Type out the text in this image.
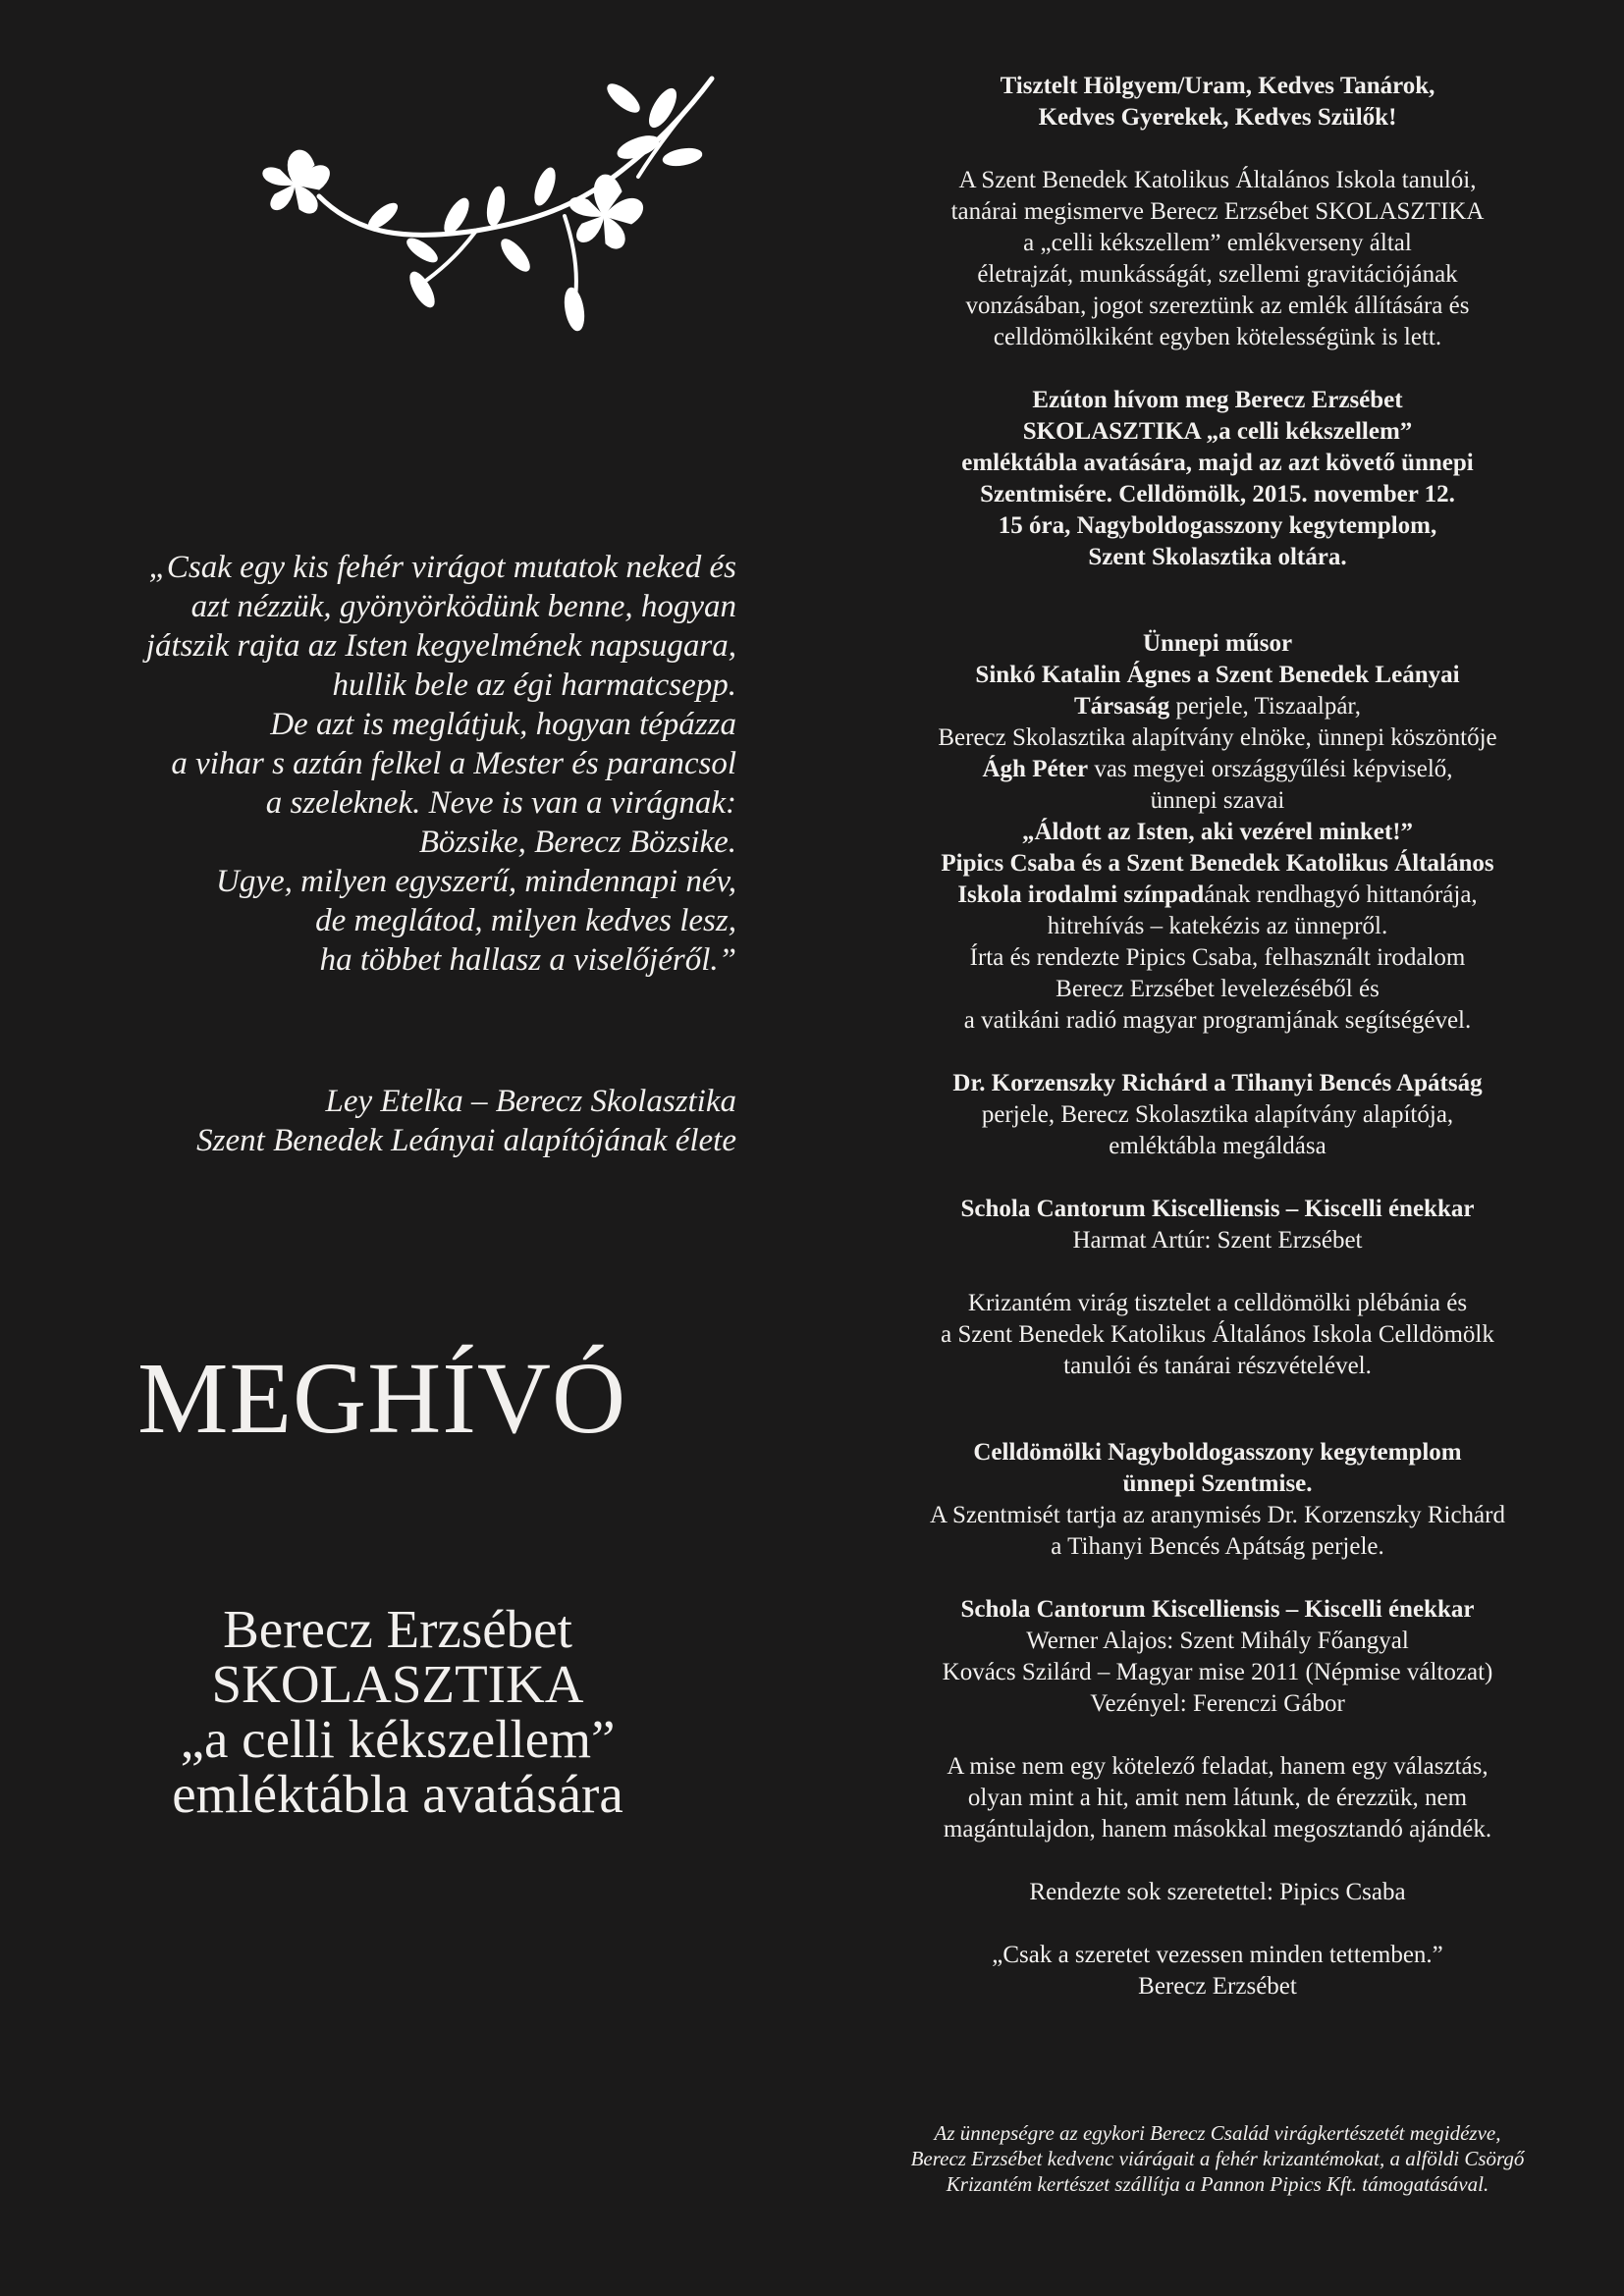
„Csak egy kis fehér virágot mutatok neked és
azt nézzük, gyönyörködünk benne, hogyan
játszik rajta az Isten kegyelmének napsugara,
hullik bele az égi harmatcsepp.
De azt is meglátjuk, hogyan tépázza
a vihar s aztán felkel a Mester és parancsol
a szeleknek. Neve is van a virágnak:
Bözsike, Berecz Bözsike.
Ugye, milyen egyszerű, mindennapi név,
de meglátod, milyen kedves lesz,
ha többet hallasz a viselőjéről.”
Ley Etelka – Berecz Skolasztika
Szent Benedek Leányai alapítójának élete
MEGHÍVÓ
Berecz Erzsébet
SKOLASZTIKA
„a celli kékszellem”
emléktábla avatására
Tisztelt Hölgyem/Uram, Kedves Tanárok,
Kedves Gyerekek, Kedves Szülők!
A Szent Benedek Katolikus Általános Iskola tanulói,
tanárai megismerve Berecz Erzsébet SKOLASZTIKA
a „celli kékszellem” emlékverseny által
életrajzát, munkásságát, szellemi gravitációjának
vonzásában, jogot szereztünk az emlék állítására és
celldömölkiként egyben kötelességünk is lett.
Ezúton hívom meg Berecz Erzsébet
SKOLASZTIKA „a celli kékszellem”
emléktábla avatására, majd az azt követő ünnepi
Szentmisére. Celldömölk, 2015. november 12.
15 óra, Nagyboldogasszony kegytemplom,
Szent Skolasztika oltára.
Ünnepi műsor
Sinkó Katalin Ágnes a Szent Benedek Leányai
Társaság perjele, Tiszaalpár,
Berecz Skolasztika alapítvány elnöke, ünnepi köszöntője
Ágh Péter vas megyei országgyűlési képviselő,
ünnepi szavai
„Áldott az Isten, aki vezérel minket!”
Pipics Csaba és a Szent Benedek Katolikus Általános
Iskola irodalmi színpadának rendhagyó hittanórája,
hitrehívás – katekézis az ünnepről.
Írta és rendezte Pipics Csaba, felhasznált irodalom
Berecz Erzsébet levelezéséből és
a vatikáni radió magyar programjának segítségével.
Dr. Korzenszky Richárd a Tihanyi Bencés Apátság
perjele, Berecz Skolasztika alapítvány alapítója,
emléktábla megáldása
Schola Cantorum Kiscelliensis – Kiscelli énekkar
Harmat Artúr: Szent Erzsébet
Krizantém virág tisztelet a celldömölki plébánia és
a Szent Benedek Katolikus Általános Iskola Celldömölk
tanulói és tanárai részvételével.
Celldömölki Nagyboldogasszony kegytemplom
ünnepi Szentmise.
A Szentmisét tartja az aranymisés Dr. Korzenszky Richárd
a Tihanyi Bencés Apátság perjele.
Schola Cantorum Kiscelliensis – Kiscelli énekkar
Werner Alajos: Szent Mihály Főangyal
Kovács Szilárd – Magyar mise 2011 (Népmise változat)
Vezényel: Ferenczi Gábor
A mise nem egy kötelező feladat, hanem egy választás,
olyan mint a hit, amit nem látunk, de érezzük, nem
magántulajdon, hanem másokkal megosztandó ajándék.
Rendezte sok szeretettel: Pipics Csaba
„Csak a szeretet vezessen minden tettemben.”
Berecz Erzsébet
Az ünnepségre az egykori Berecz Család virágkertészetét megidézve,
Berecz Erzsébet kedvenc viárágait a fehér krizantémokat, a alföldi Csörgő
Krizantém kertészet szállítja a Pannon Pipics Kft. támogatásával.
